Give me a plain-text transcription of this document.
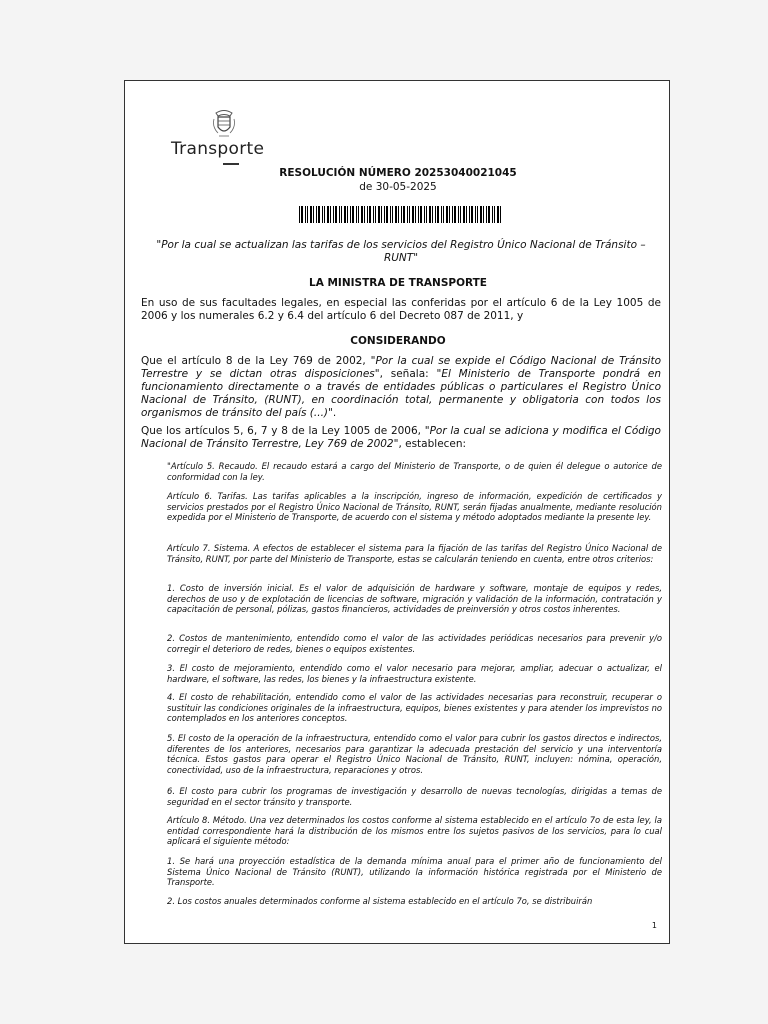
Transporte

RESOLUCIÓN NÚMERO 20253040021045

de 30-05-2025

"Por la cual se actualizan las tarifas de los servicios del Registro Único Nacional de Tránsito – RUNT"

LA MINISTRA DE TRANSPORTE

En uso de sus facultades legales, en especial las conferidas por el artículo 6 de la Ley 1005 de 2006 y los numerales 6.2 y 6.4 del artículo 6 del Decreto 087 de 2011, y

CONSIDERANDO

Que el artículo 8 de la Ley 769 de 2002, "Por la cual se expide el Código Nacional de Tránsito Terrestre y se dictan otras disposiciones", señala: "El Ministerio de Transporte pondrá en funcionamiento directamente o a través de entidades públicas o particulares el Registro Único Nacional de Tránsito, (RUNT), en coordinación total, permanente y obligatoria con todos los organismos de tránsito del país (...)".

Que los artículos 5, 6, 7 y 8 de la Ley 1005 de 2006, "Por la cual se adiciona y modifica el Código Nacional de Tránsito Terrestre, Ley 769 de 2002", establecen:

"Artículo 5. Recaudo. El recaudo estará a cargo del Ministerio de Transporte, o de quien él delegue o autorice de conformidad con la ley.

Artículo 6. Tarifas. Las tarifas aplicables a la inscripción, ingreso de información, expedición de certificados y servicios prestados por el Registro Único Nacional de Tránsito, RUNT, serán fijadas anualmente, mediante resolución expedida por el Ministerio de Transporte, de acuerdo con el sistema y método adoptados mediante la presente ley.

Artículo 7. Sistema. A efectos de establecer el sistema para la fijación de las tarifas del Registro Único Nacional de Tránsito, RUNT, por parte del Ministerio de Transporte, estas se calcularán teniendo en cuenta, entre otros criterios:

1. Costo de inversión inicial. Es el valor de adquisición de hardware y software, montaje de equipos y redes, derechos de uso y de explotación de licencias de software, migración y validación de la información, contratación y capacitación de personal, pólizas, gastos financieros, actividades de preinversión y otros costos inherentes.

2. Costos de mantenimiento, entendido como el valor de las actividades periódicas necesarios para prevenir y/o corregir el deterioro de redes, bienes o equipos existentes.

3. El costo de mejoramiento, entendido como el valor necesario para mejorar, ampliar, adecuar o actualizar, el hardware, el software, las redes, los bienes y la infraestructura existente.

4. El costo de rehabilitación, entendido como el valor de las actividades necesarias para reconstruir, recuperar o sustituir las condiciones originales de la infraestructura, equipos, bienes existentes y para atender los imprevistos no contemplados en los anteriores conceptos.

5. El costo de la operación de la infraestructura, entendido como el valor para cubrir los gastos directos e indirectos, diferentes de los anteriores, necesarios para garantizar la adecuada prestación del servicio y una interventoría técnica. Estos gastos para operar el Registro Único Nacional de Tránsito, RUNT, incluyen: nómina, operación, conectividad, uso de la infraestructura, reparaciones y otros.

6. El costo para cubrir los programas de investigación y desarrollo de nuevas tecnologías, dirigidas a temas de seguridad en el sector tránsito y transporte.

Artículo 8. Método. Una vez determinados los costos conforme al sistema establecido en el artículo 7o de esta ley, la entidad correspondiente hará la distribución de los mismos entre los sujetos pasivos de los servicios, para lo cual aplicará el siguiente método:

1. Se hará una proyección estadística de la demanda mínima anual para el primer año de funcionamiento del Sistema Único Nacional de Tránsito (RUNT), utilizando la información histórica registrada por el Ministerio de Transporte.

2. Los costos anuales determinados conforme al sistema establecido en el artículo 7o, se distribuirán

1
